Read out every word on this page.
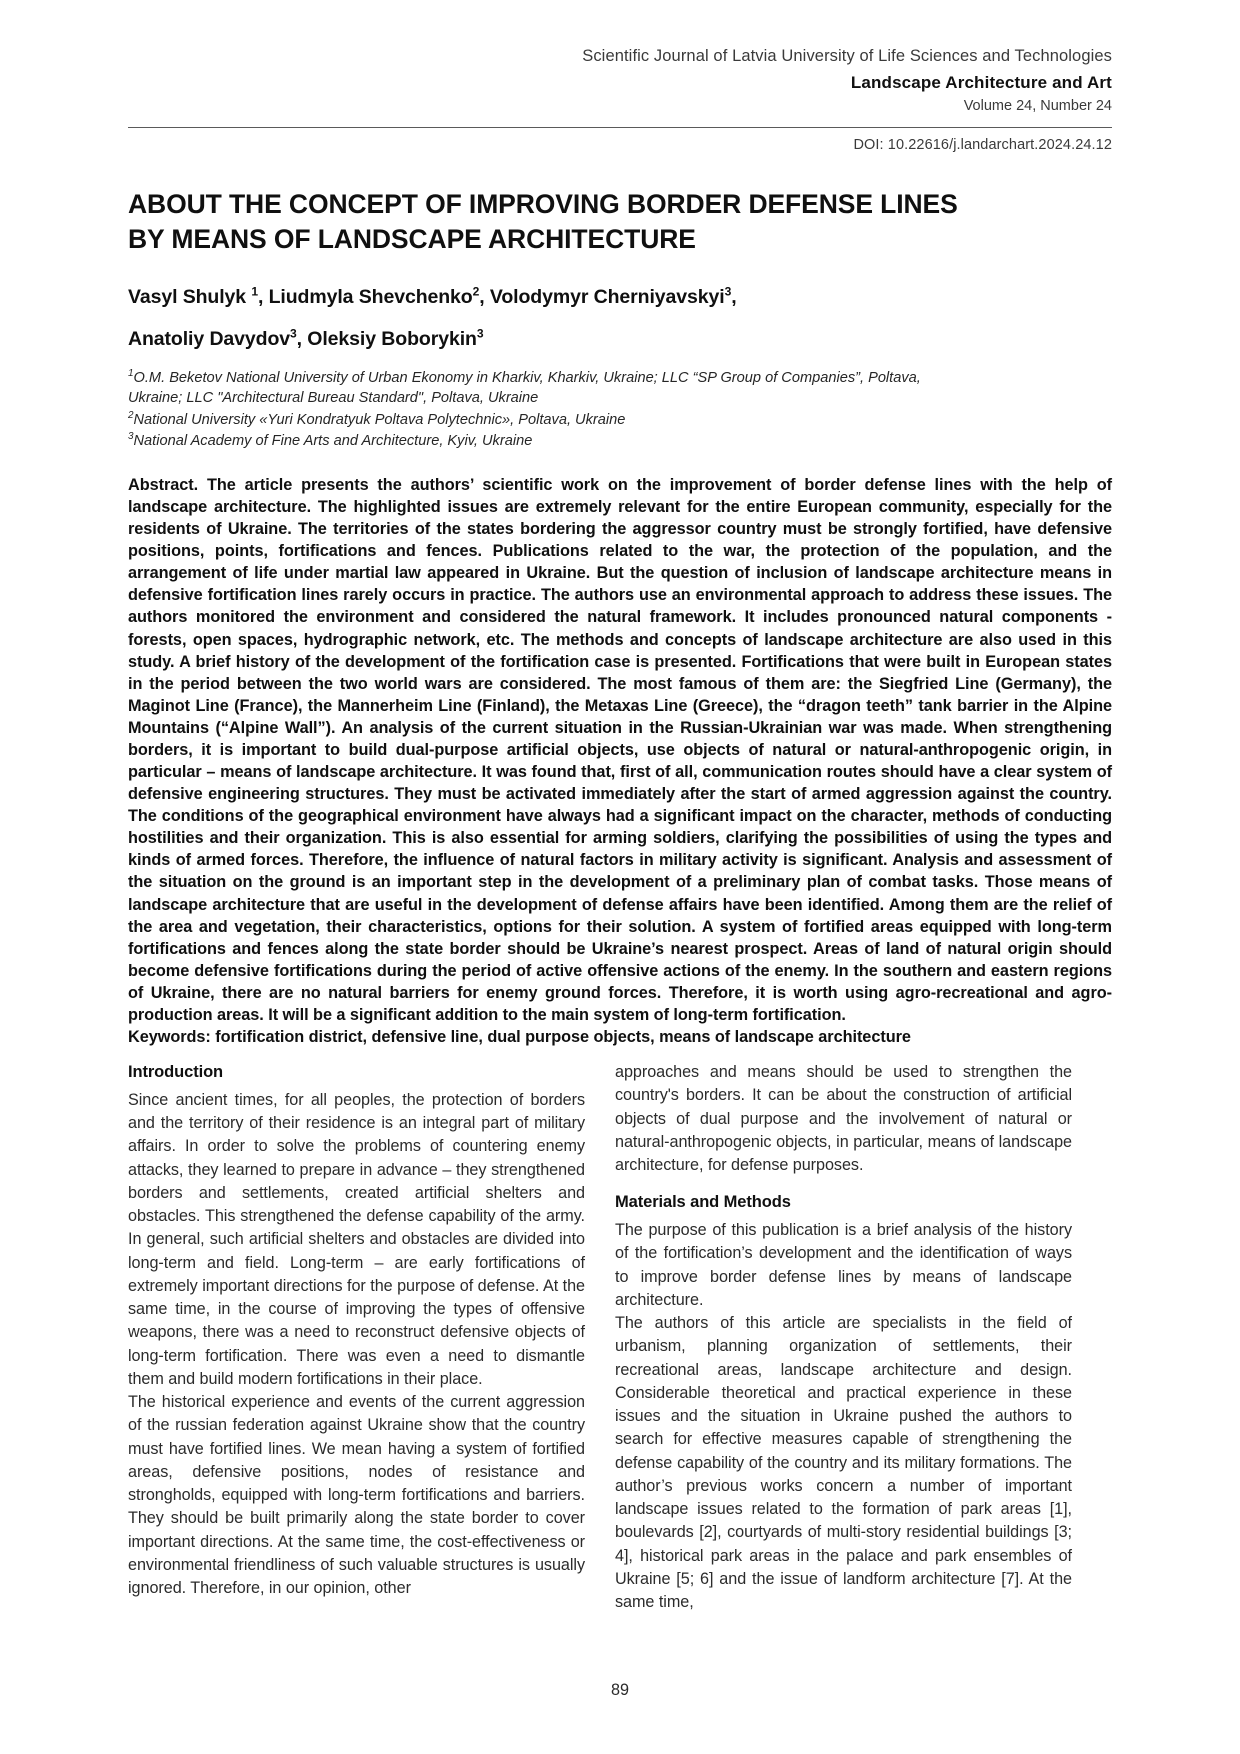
Scientific Journal of Latvia University of Life Sciences and Technologies
Landscape Architecture and Art
Volume 24, Number 24
DOI: 10.22616/j.landarchart.2024.24.12
ABOUT THE CONCEPT OF IMPROVING BORDER DEFENSE LINES
BY MEANS OF LANDSCAPE ARCHITECTURE
Vasyl Shulyk $^1$, Liudmyla Shevchenko$^2$, Volodymyr Cherniyavskyi$^3$,
Anatoliy Davydov$^3$, Oleksiy Boborykin$^3$
$^1$O.M. Beketov National University of Urban Ekonomy in Kharkiv, Kharkiv, Ukraine; LLC “SP Group of Companies”, Poltava,
Ukraine; LLC "Architectural Bureau Standard", Poltava, Ukraine
$^2$National University «Yuri Kondratyuk Poltava Polytechnic», Poltava, Ukraine
$^3$National Academy of Fine Arts and Architecture, Kyiv, Ukraine
Abstract. The article presents the authors’ scientific work on the improvement of border defense lines with the help of landscape architecture. The highlighted issues are extremely relevant for the entire European community, especially for the residents of Ukraine. The territories of the states bordering the aggressor country must be strongly fortified, have defensive positions, points, fortifications and fences. Publications related to the war, the protection of the population, and the arrangement of life under martial law appeared in Ukraine. But the question of inclusion of landscape architecture means in defensive fortification lines rarely occurs in practice. The authors use an environmental approach to address these issues. The authors monitored the environment and considered the natural framework. It includes pronounced natural components - forests, open spaces, hydrographic network, etc. The methods and concepts of landscape architecture are also used in this study. A brief history of the development of the fortification case is presented. Fortifications that were built in European states in the period between the two world wars are considered. The most famous of them are: the Siegfried Line (Germany), the Maginot Line (France), the Mannerheim Line (Finland), the Metaxas Line (Greece), the “dragon teeth” tank barrier in the Alpine Mountains (“Alpine Wall”). An analysis of the current situation in the Russian-Ukrainian war was made. When strengthening borders, it is important to build dual-purpose artificial objects, use objects of natural or natural-anthropogenic origin, in particular – means of landscape architecture. It was found that, first of all, communication routes should have a clear system of defensive engineering structures. They must be activated immediately after the start of armed aggression against the country. The conditions of the geographical environment have always had a significant impact on the character, methods of conducting hostilities and their organization. This is also essential for arming soldiers, clarifying the possibilities of using the types and kinds of armed forces. Therefore, the influence of natural factors in military activity is significant. Analysis and assessment of the situation on the ground is an important step in the development of a preliminary plan of combat tasks. Those means of landscape architecture that are useful in the development of defense affairs have been identified. Among them are the relief of the area and vegetation, their characteristics, options for their solution. A system of fortified areas equipped with long-term fortifications and fences along the state border should be Ukraine’s nearest prospect. Areas of land of natural origin should become defensive fortifications during the period of active offensive actions of the enemy. In the southern and eastern regions of Ukraine, there are no natural barriers for enemy ground forces. Therefore, it is worth using agro-recreational and agro-production areas. It will be a significant addition to the main system of long-term fortification.
Keywords: fortification district, defensive line, dual purpose objects, means of landscape architecture
Introduction

Since ancient times, for all peoples, the protection of borders and the territory of their residence is an integral part of military affairs. In order to solve the problems of countering enemy attacks, they learned to prepare in advance – they strengthened borders and settlements, created artificial shelters and obstacles. This strengthened the defense capability of the army. In general, such artificial shelters and obstacles are divided into long-term and field. Long-term – are early fortifications of extremely important directions for the purpose of defense. At the same time, in the course of improving the types of offensive weapons, there was a need to reconstruct defensive objects of long-term fortification. There was even a need to dismantle them and build modern fortifications in their place.

The historical experience and events of the current aggression of the russian federation against Ukraine show that the country must have fortified lines. We mean having a system of fortified areas, defensive positions, nodes of resistance and strongholds, equipped with long-term fortifications and barriers. They should be built primarily along the state border to cover important directions. At the same time, the cost-effectiveness or environmental friendliness of such valuable structures is usually ignored. Therefore, in our opinion, other

approaches and means should be used to strengthen the country's borders. It can be about the construction of artificial objects of dual purpose and the involvement of natural or natural-anthropogenic objects, in particular, means of landscape architecture, for defense purposes.

Materials and Methods

The purpose of this publication is a brief analysis of the history of the fortification’s development and the identification of ways to improve border defense lines by means of landscape architecture.

The authors of this article are specialists in the field of urbanism, planning organization of settlements, their recreational areas, landscape architecture and design. Considerable theoretical and practical experience in these issues and the situation in Ukraine pushed the authors to search for effective measures capable of strengthening the defense capability of the country and its military formations. The author’s previous works concern a number of important landscape issues related to the formation of park areas [1], boulevards [2], courtyards of multi-story residential buildings [3; 4], historical park areas in the palace and park ensembles of Ukraine [5; 6] and the issue of landform architecture [7]. At the same time,

89
